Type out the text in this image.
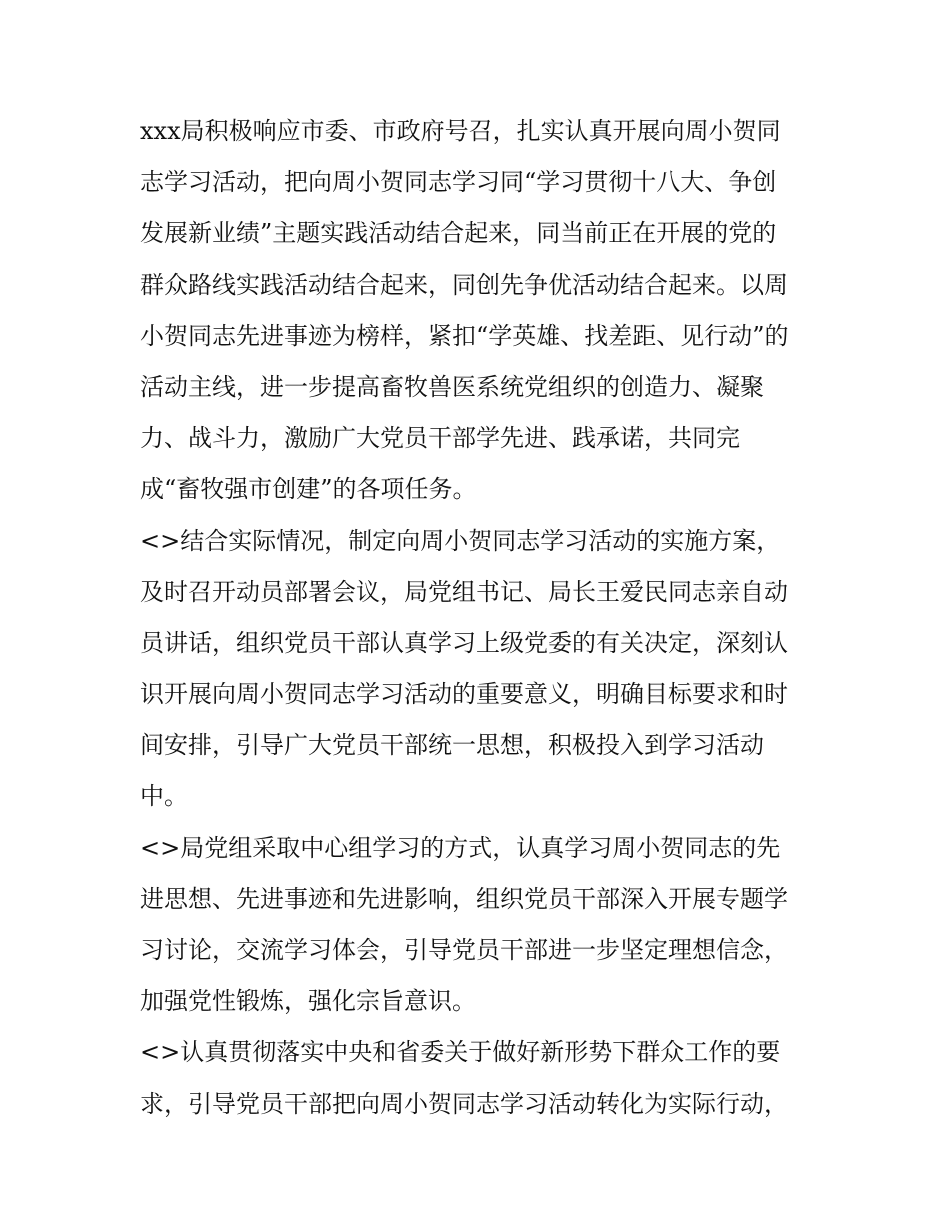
xxx局积极响应市委、市政府号召，扎实认真开展向周小贺同
志学习活动，把向周小贺同志学习同“学习贯彻十八大、争创
发展新业绩”主题实践活动结合起来，同当前正在开展的党的
群众路线实践活动结合起来，同创先争优活动结合起来。以周
小贺同志先进事迹为榜样，紧扣“学英雄、找差距、见行动”的
活动主线，进一步提高畜牧兽医系统党组织的创造力、凝聚
力、战斗力，激励广大党员干部学先进、践承诺，共同完
成“畜牧强市创建”的各项任务。
<>结合实际情况，制定向周小贺同志学习活动的实施方案，
及时召开动员部署会议，局党组书记、局长王爱民同志亲自动
员讲话，组织党员干部认真学习上级党委的有关决定，深刻认
识开展向周小贺同志学习活动的重要意义，明确目标要求和时
间安排，引导广大党员干部统一思想，积极投入到学习活动
中。
<>局党组采取中心组学习的方式，认真学习周小贺同志的先
进思想、先进事迹和先进影响，组织党员干部深入开展专题学
习讨论，交流学习体会，引导党员干部进一步坚定理想信念，
加强党性锻炼，强化宗旨意识。
<>认真贯彻落实中央和省委关于做好新形势下群众工作的要
求，引导党员干部把向周小贺同志学习活动转化为实际行动，
